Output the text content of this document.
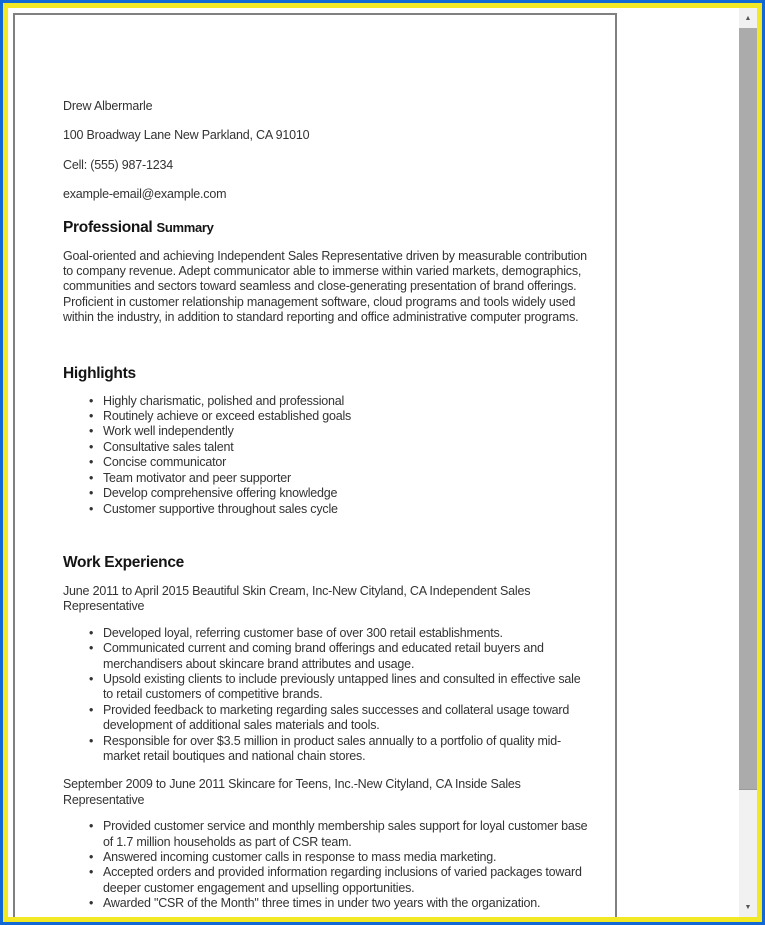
Drew Albermarle

100 Broadway Lane New Parkland, CA 91010

Cell: (555) 987-1234

example-email@example.com

Professional Summary

Goal-oriented and achieving Independent Sales Representative driven by measurable contribution to company revenue. Adept communicator able to immerse within varied markets, demographics, communities and sectors toward seamless and close-generating presentation of brand offerings. Proficient in customer relationship management software, cloud programs and tools widely used within the industry, in addition to standard reporting and office administrative computer programs.

Highlights
• Highly charismatic, polished and professional
• Routinely achieve or exceed established goals
• Work well independently
• Consultative sales talent
• Concise communicator
• Team motivator and peer supporter
• Develop comprehensive offering knowledge
• Customer supportive throughout sales cycle
Work Experience

June 2011 to April 2015 Beautiful Skin Cream, Inc-New Cityland, CA Independent Sales Representative

• Developed loyal, referring customer base of over 300 retail establishments.
• Communicated current and coming brand offerings and educated retail buyers and merchandisers about skincare brand attributes and usage.
• Upsold existing clients to include previously untapped lines and consulted in effective sale to retail customers of competitive brands.
• Provided feedback to marketing regarding sales successes and collateral usage toward development of additional sales materials and tools.
• Responsible for over $3.5 million in product sales annually to a portfolio of quality mid-market retail boutiques and national chain stores.

September 2009 to June 2011 Skincare for Teens, Inc.-New Cityland, CA Inside Sales Representative

• Provided customer service and monthly membership sales support for loyal customer base of 1.7 million households as part of CSR team.
• Answered incoming customer calls in response to mass media marketing.
• Accepted orders and provided information regarding inclusions of varied packages toward deeper customer engagement and upselling opportunities.
• Awarded "CSR of the Month" three times in under two years with the organization.
▲
▼
